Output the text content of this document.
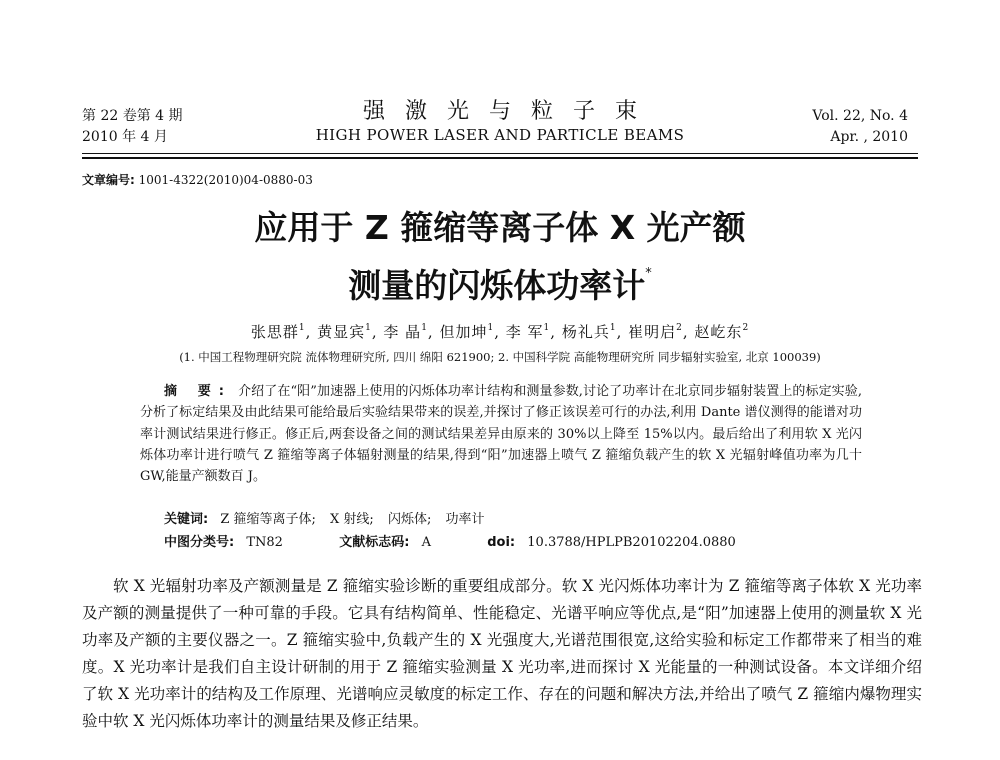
第 22 卷第 4 期
2010 年 4 月
强激光与粒子束
HIGH POWER LASER AND PARTICLE BEAMS
Vol. 22, No. 4
Apr. , 2010
文章编号: 1001-4322(2010)04-0880-03
应用于 Z 箍缩等离子体 X 光产额
测量的闪烁体功率计*
张思群$^1$, 黄显宾$^1$, 李 晶$^1$, 但加坤$^1$, 李 军$^1$, 杨礼兵$^1$, 崔明启$^2$, 赵屹东$^2$
(1. 中国工程物理研究院 流体物理研究所, 四川 绵阳 621900; 2. 中国科学院 高能物理研究所 同步辐射实验室, 北京 100039)
摘 要: 介绍了在“阳”加速器上使用的闪烁体功率计结构和测量参数,讨论了功率计在北京同步辐射装置上的标定实验,分析了标定结果及由此结果可能给最后实验结果带来的误差,并探讨了修正该误差可行的办法,利用 Dante 谱仪测得的能谱对功率计测试结果进行修正。修正后,两套设备之间的测试结果差异由原来的 30%以上降至 15%以内。最后给出了利用软 X 光闪烁体功率计进行喷气 Z 箍缩等离子体辐射测量的结果,得到“阳”加速器上喷气 Z 箍缩负载产生的软 X 光辐射峰值功率为几十 GW,能量产额数百 J。
关键词: Z 箍缩等离子体; X 射线; 闪烁体; 功率计
中图分类号: TN82	文献标志码: A	doi: 10.3788/HPLPB20102204.0880

软 X 光辐射功率及产额测量是 Z 箍缩实验诊断的重要组成部分。软 X 光闪烁体功率计为 Z 箍缩等离子体软 X 光功率及产额的测量提供了一种可靠的手段。它具有结构简单、性能稳定、光谱平响应等优点,是“阳”加速器上使用的测量软 X 光功率及产额的主要仪器之一。Z 箍缩实验中,负载产生的 X 光强度大,光谱范围很宽,这给实验和标定工作都带来了相当的难度。X 光功率计是我们自主设计研制的用于 Z 箍缩实验测量 X 光功率,进而探讨 X 光能量的一种测试设备。本文详细介绍了软 X 光功率计的结构及工作原理、光谱响应灵敏度的标定工作、存在的问题和解决方法,并给出了喷气 Z 箍缩内爆物理实验中软 X 光闪烁体功率计的测量结果及修正结果。
